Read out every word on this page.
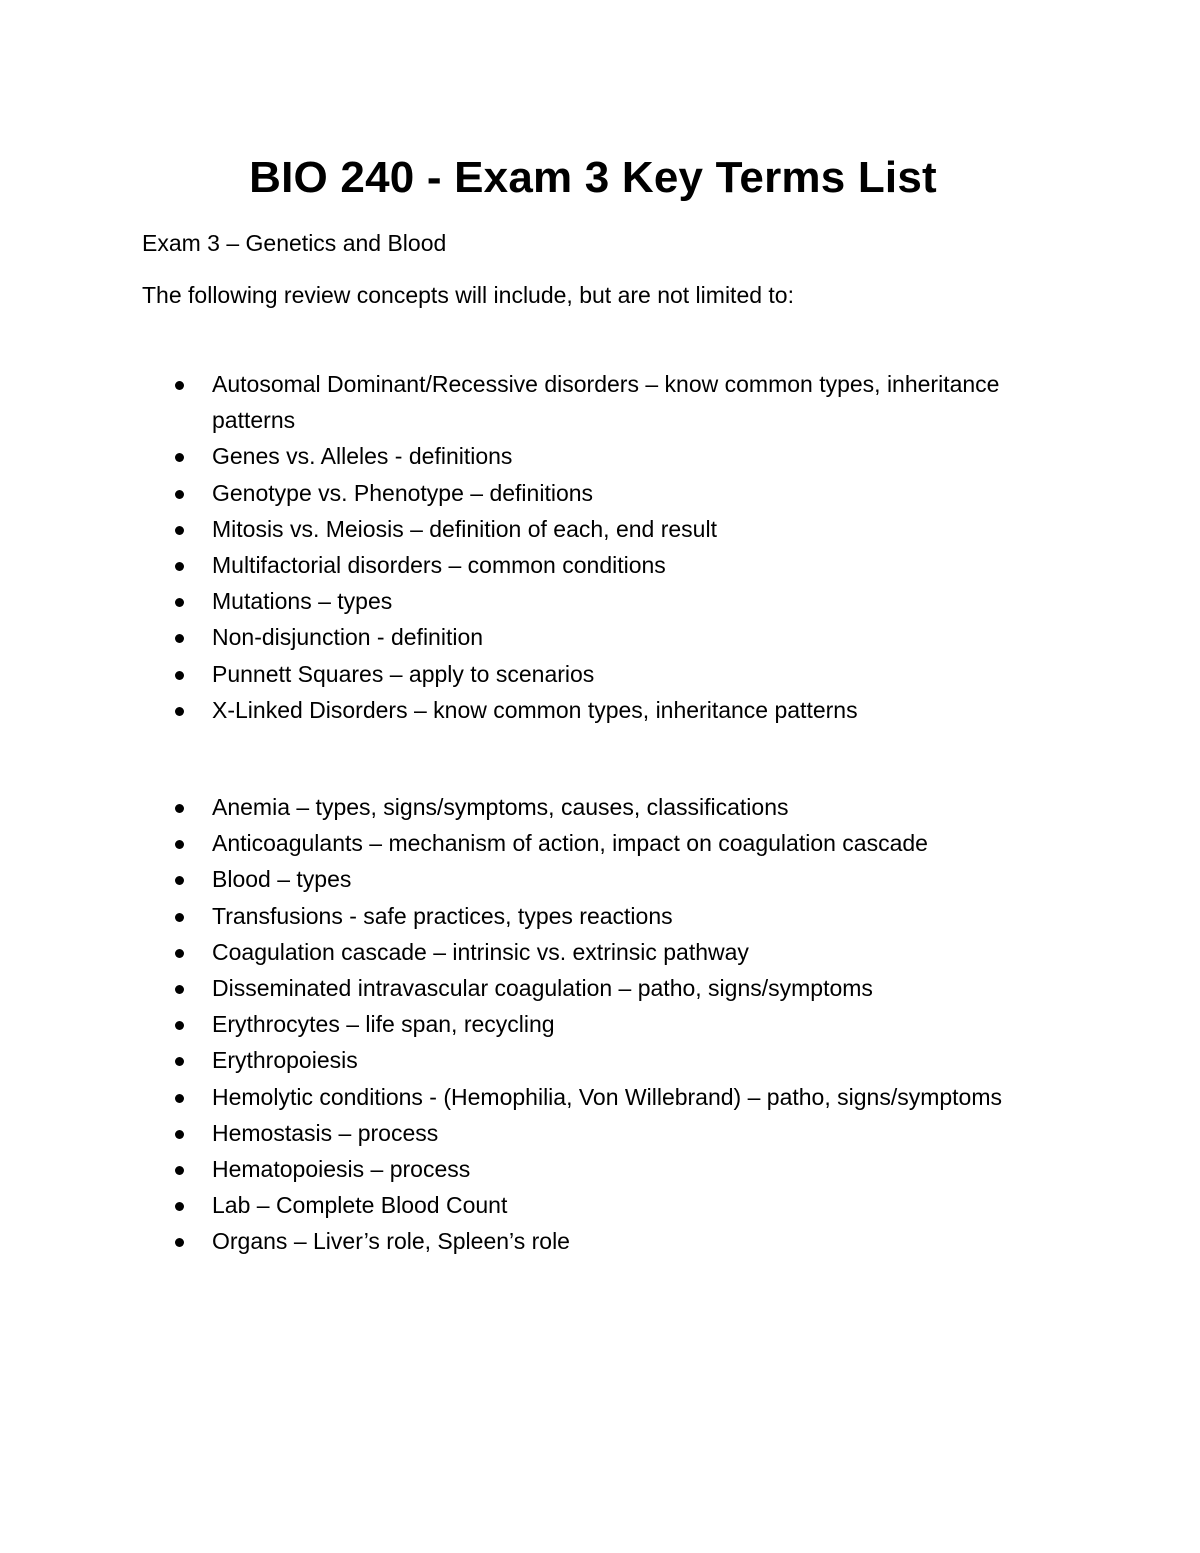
BIO 240 - Exam 3 Key Terms List

Exam 3 – Genetics and Blood

The following review concepts will include, but are not limited to:

Autosomal Dominant/Recessive disorders – know common types, inheritance patterns
Genes vs. Alleles - definitions
Genotype vs. Phenotype – definitions
Mitosis vs. Meiosis – definition of each, end result
Multifactorial disorders – common conditions
Mutations – types
Non-disjunction - definition
Punnett Squares – apply to scenarios
X-Linked Disorders – know common types, inheritance patterns
Anemia – types, signs/symptoms, causes, classifications
Anticoagulants – mechanism of action, impact on coagulation cascade
Blood – types
Transfusions - safe practices, types reactions
Coagulation cascade – intrinsic vs. extrinsic pathway
Disseminated intravascular coagulation – patho, signs/symptoms
Erythrocytes – life span, recycling
Erythropoiesis
Hemolytic conditions - (Hemophilia, Von Willebrand) – patho, signs/symptoms
Hemostasis – process
Hematopoiesis – process
Lab – Complete Blood Count
Organs – Liver’s role, Spleen’s role
